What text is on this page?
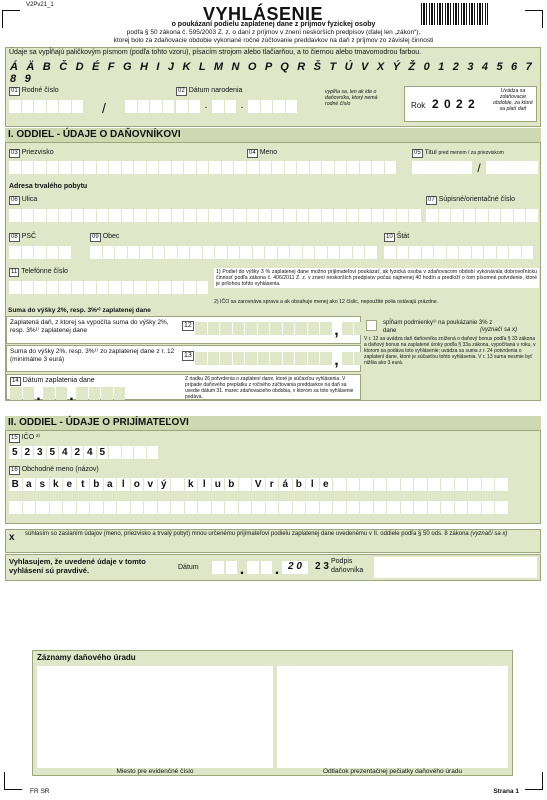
V2Pv21_1	VYHLÁSENIE
o poukázaní podielu zaplatenej dane z príjmov fyzickej osoby
podľa § 50 zákona č. 595/2003 Z. z. o dani z príjmov v znení neskorších predpisov (ďalej len „zákon“),
ktorej bolo za zdaňovacie obdobie vykonané ročné zúčtovanie preddavkov na daň z príjmov zo závislej činnosti
Údaje sa vypĺňajú paličkovým písmom (podľa tohto vzoru), písacím strojom alebo tlačiarňou, a to čiernou alebo tmavomodrou farbou.
Á Ä B Č D É F G H I J K L M N O P Q R Š T Ú V X Ý Ž 0 1 2 3 4 5 6 7 8 9
01 Rodné číslo
/
02 Dátum narodenia
.	.
vypĺňa sa, len ak ide o daňovníka, ktorý nemá rodné číslo	Rok 2 0 2 2
Uvádza sa zdaňovacie obdobie, za ktoré sa platí daň
I. ODDIEL - ÚDAJE O DAŇOVNÍKOVI
03 Priezvisko	04 Meno	05 Titul pred menom / za priezviskom
/
Adresa trvalého pobytu
06 Ulica	07 Súpisné/orientačné číslo
08 PSČ	09 Obec	10 Štát
11 Telefónne číslo	1) Podiel do výšky 3 % zaplatenej dane možno prijímateľovi poukázať, ak fyzická osoba v zdaňovacom období vykonávala dobrovoľnícku činnosť podľa zákona č. 406/2011 Z. z. v znení neskorších predpisov počas najmenej 40 hodín a predloží o tom písomné potvrdenie, ktoré je prílohou tohto vyhlásenia.
2) IČO sa zarovnáva sprava a ak obsahuje menej ako 12 číslic, nepoužité polia ostávajú prázdne.
Suma do výšky 2%, resp. 3%¹⁾ zaplatenej dane
Zaplatená daň, z ktorej sa vypočíta suma do výšky 2%, resp. 3%¹⁾ zaplatenej dane
12	,
Suma do výšky 2%, resp. 3%¹⁾ zo zaplatenej dane z r. 12 (minimálne 3 eurá)
13	,
spĺňam podmienky¹⁾ na poukázanie 3% z dane	(vyznačí sa x)
V r. 12 sa uvádza daň daňovníka znížená o daňový bonus podľa § 33 zákona a daňový bonus na zaplatené úroky podľa § 33a zákona, vypočítaná v roku, v ktorom sa podáva toto vyhlásenie; uvádza sa suma z r. 24 potvrdenia o zaplatení dane, ktoré je súčasťou tohto vyhlásenia. V r. 13 suma nesmie byť nižšia ako 3 eurá.
14 Dátum zaplatenia dane
. .
Z riadku 26 potvrdenia o zaplatení dane, ktoré je súčasťou vyhlásenia. V prípade daňového preplatku z ročného zúčtovania preddavkov na daň sa uvedie dátum 31. marec zdaňovacieho obdobia, v ktorom sa toto vyhlásenie podáva.
II. ODDIEL - ÚDAJE O PRIJÍMATEĽOVI
15 IČO ²⁾
5 2 3 5 4 2 4 5
16 Obchodné meno (názov)
B a s k e t b a l o v ý	k l u b	V r á b l e
x súhlasím so zaslaním údajov (meno, priezvisko a trvalý pobyt) mnou určenému prijímateľovi podielu zaplatenej dane uvedenému v II. oddiele podľa § 50 ods. 8 zákona (vyznačí sa x)
Vyhlasujem, že uvedené údaje v tomto vyhlásení sú pravdivé.	Dátum	. . 2 0	2 3 Podpis daňovníka
Záznamy daňového úradu
Miesto pre evidenčné číslo	Odtlačok prezentačnej pečiatky daňového úradu
FR SR	Strana 1
